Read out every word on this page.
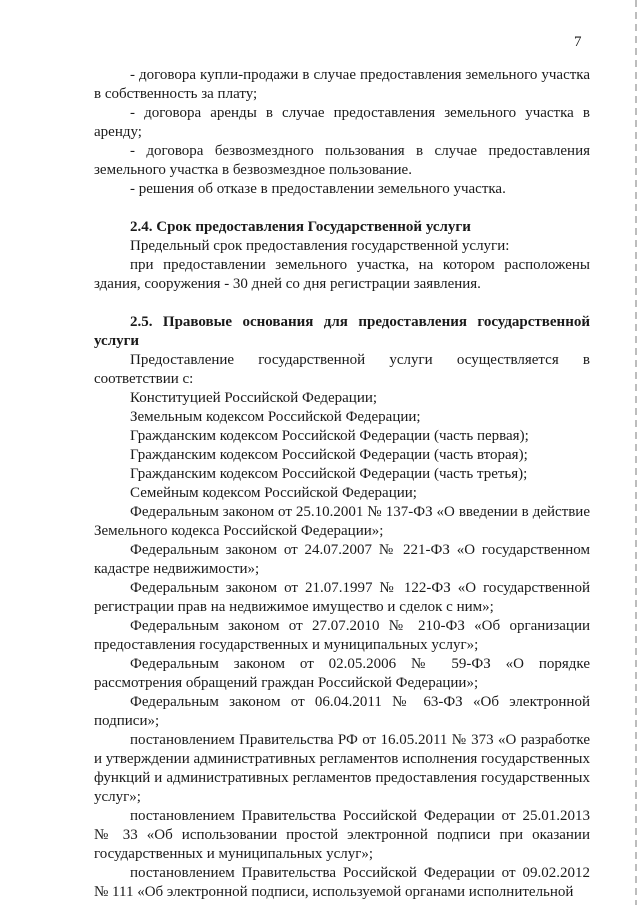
7

- договора купли-продажи в случае предоставления земельного участка в собственность за плату;

- договора аренды в случае предоставления земельного участка в аренду;

- договора безвозмездного пользования в случае предоставления земельного участка в безвозмездное пользование.

- решения об отказе в предоставлении земельного участка.

2.4. Срок предоставления Государственной услуги

Предельный срок предоставления государственной услуги:

при предоставлении земельного участка, на котором расположены здания, сооружения - 30 дней со дня регистрации заявления.

2.5. Правовые основания для предоставления государственной услуги

Предоставление государственной услуги осуществляется в соответствии с:

Конституцией Российской Федерации;

Земельным кодексом Российской Федерации;

Гражданским кодексом Российской Федерации (часть первая);

Гражданским кодексом Российской Федерации (часть вторая);

Гражданским кодексом Российской Федерации (часть третья);

Семейным кодексом Российской Федерации;

Федеральным законом от 25.10.2001 № 137-ФЗ «О введении в действие Земельного кодекса Российской Федерации»;

Федеральным законом от 24.07.2007 № 221-ФЗ «О государственном кадастре недвижимости»;

Федеральным законом от 21.07.1997 № 122-ФЗ «О государственной регистрации прав на недвижимое имущество и сделок с ним»;

Федеральным законом от 27.07.2010 № 210-ФЗ «Об организации предоставления государственных и муниципальных услуг»;

Федеральным законом от 02.05.2006 № 59-ФЗ «О порядке рассмотрения обращений граждан Российской Федерации»;

Федеральным законом от 06.04.2011 № 63-ФЗ «Об электронной подписи»;

постановлением Правительства РФ от 16.05.2011 № 373 «О разработке и утверждении административных регламентов исполнения государственных функций и административных регламентов предоставления государственных услуг»;

постановлением Правительства Российской Федерации от 25.01.2013 № 33 «Об использовании простой электронной подписи при оказании государственных и муниципальных услуг»;

постановлением Правительства Российской Федерации от 09.02.2012 № 111 «Об электронной подписи, используемой органами исполнительной
